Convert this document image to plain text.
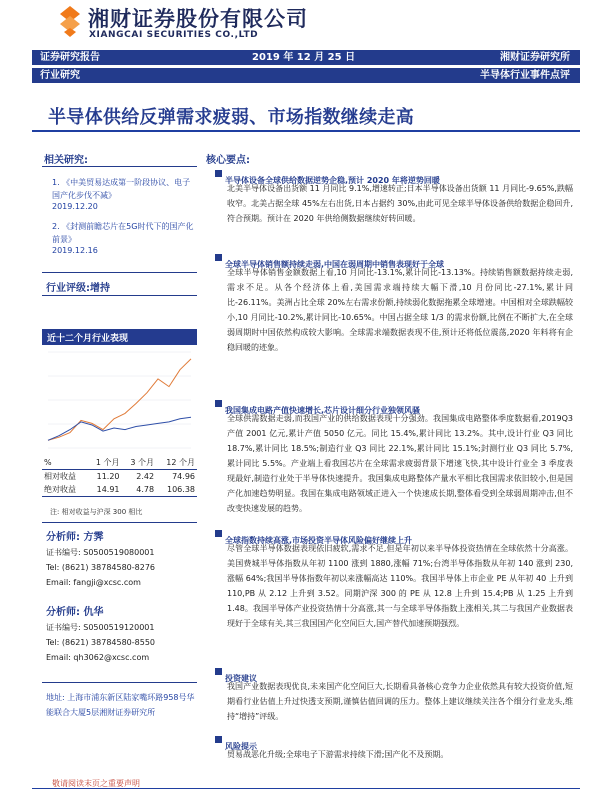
湘财证券股份有限公司
XIANGCAI SECURITIES CO.,LTD
证券研究报告	2019 年 12 月 25 日	湘财证券研究所
行业研究	半导体行业事件点评
半导体供给反弹需求疲弱、市场指数继续走高
相关研究:
1. 《中美贸易达成第一阶段协议、电子国产化步伐不减》
2019.12.20
2. 《封测前瞻芯片在5G时代下的国产化前景》
2019.12.16
行业评级:增持
近十二个月行业表现
%	1 个月	3 个月	12 个月
相对收益	11.20	2.42	74.96
绝对收益	14.91	4.78	106.38
注: 相对收益与沪深 300 相比
分析师: 方霁
证书编号: S0500519080001
Tel: (8621) 38784580-8276
Email: fangji@xcsc.com
分析师: 仇华
证书编号: S0500519120001
Tel: (8621) 38784580-8550
Email: qh3062@xcsc.com
地址: 上海市浦东新区陆家嘴环路958号华能联合大厦5层湘财证券研究所
核心要点:
半导体设备全球供给数据逆势企稳,预计 2020 年将逆势回暖
北美半导体设备出货额 11 月同比 9.1%,增速转正;日本半导体设备出货额 11 月同比-9.65%,跌幅收窄。北美占据全球 45%左右出货,日本占据约 30%,由此可见全球半导体设备供给数据企稳回升,符合预期。预计在 2020 年供给侧数据继续好转回暖。
全球半导体销售额持续走弱,中国在弱周期中销售表现好于全球
全球半导体销售金额数据上看,10 月同比-13.1%,累计同比-13.13%。持续销售额数据持续走弱,需求不足。从各个经济体上看,美国需求端持续大幅下滑,10 月份同比-27.1%,累计同比-26.11%。美洲占比全球 20%左右需求份额,持续弱化数据拖累全球增速。中国相对全球跌幅较小,10 月同比-10.2%,累计同比-10.65%。中国占据全球 1/3 的需求份额,比例在不断扩大,在全球弱周期时中国依然构成较大影响。全球需求端数据表现不佳,预计还将低位震荡,2020 年料将有企稳回暖的迹象。
我国集成电路产值快速增长,芯片设计细分行业独领风骚
全球供需数据走弱,而我国产业的供给数据表现十分强劲。我国集成电路整体季度数据看,2019Q3 产值 2001 亿元,累计产值 5050 亿元。同比 15.4%,累计同比 13.2%。其中,设计行业 Q3 同比 18.7%,累计同比 18.5%;制造行业 Q3 同比 22.1%,累计同比 15.1%;封测行业 Q3 同比 5.7%,累计同比 5.5%。产业端上看我国芯片在全球需求疲弱背景下增速飞快,其中设计行业全 3 季度表现最好,制造行业处于半导体快速提升。我国集成电路整体产量水平相比我国需求依旧较小,但是国产化加速趋势明显。我国在集成电路领域正进入一个快速成长期,整体看受到全球弱周期冲击,但不改变快速发展的趋势。
全球指数持续高涨,市场投资半导体风险偏好继续上升
尽管全球半导体数据表现依旧疲软,需求不足,但是年初以来半导体投资热情在全球依然十分高涨。美国费城半导体指数从年初 1100 涨到 1880,涨幅 71%;台湾半导体指数从年初 140 涨到 230,涨幅 64%;我国半导体指数年初以来涨幅高达 110%。我国半导体上市企业 PE 从年初 40 上升到 110,PB 从 2.12 上升到 3.52。同期沪深 300 的 PE 从 12.8 上升到 15.4;PB 从 1.25 上升到 1.48。我国半导体产业投资热情十分高涨,其一与全球半导体指数上涨相关,其二与我国产业数据表现好于全球有关,其三我国国产化空间巨大,国产替代加速预期强烈。
投资建议
我国产业数据表现优良,未来国产化空间巨大,长期看具备核心竞争力企业依然具有较大投资价值,短期看行业估值上升过快透支预期,谨慎估值回调的压力。整体上建议继续关注各个细分行业龙头,维持“增持”评级。
风险提示
贸易战恶化升级;全球电子下游需求持续下滑;国产化不及预期。
敬请阅读末页之重要声明
